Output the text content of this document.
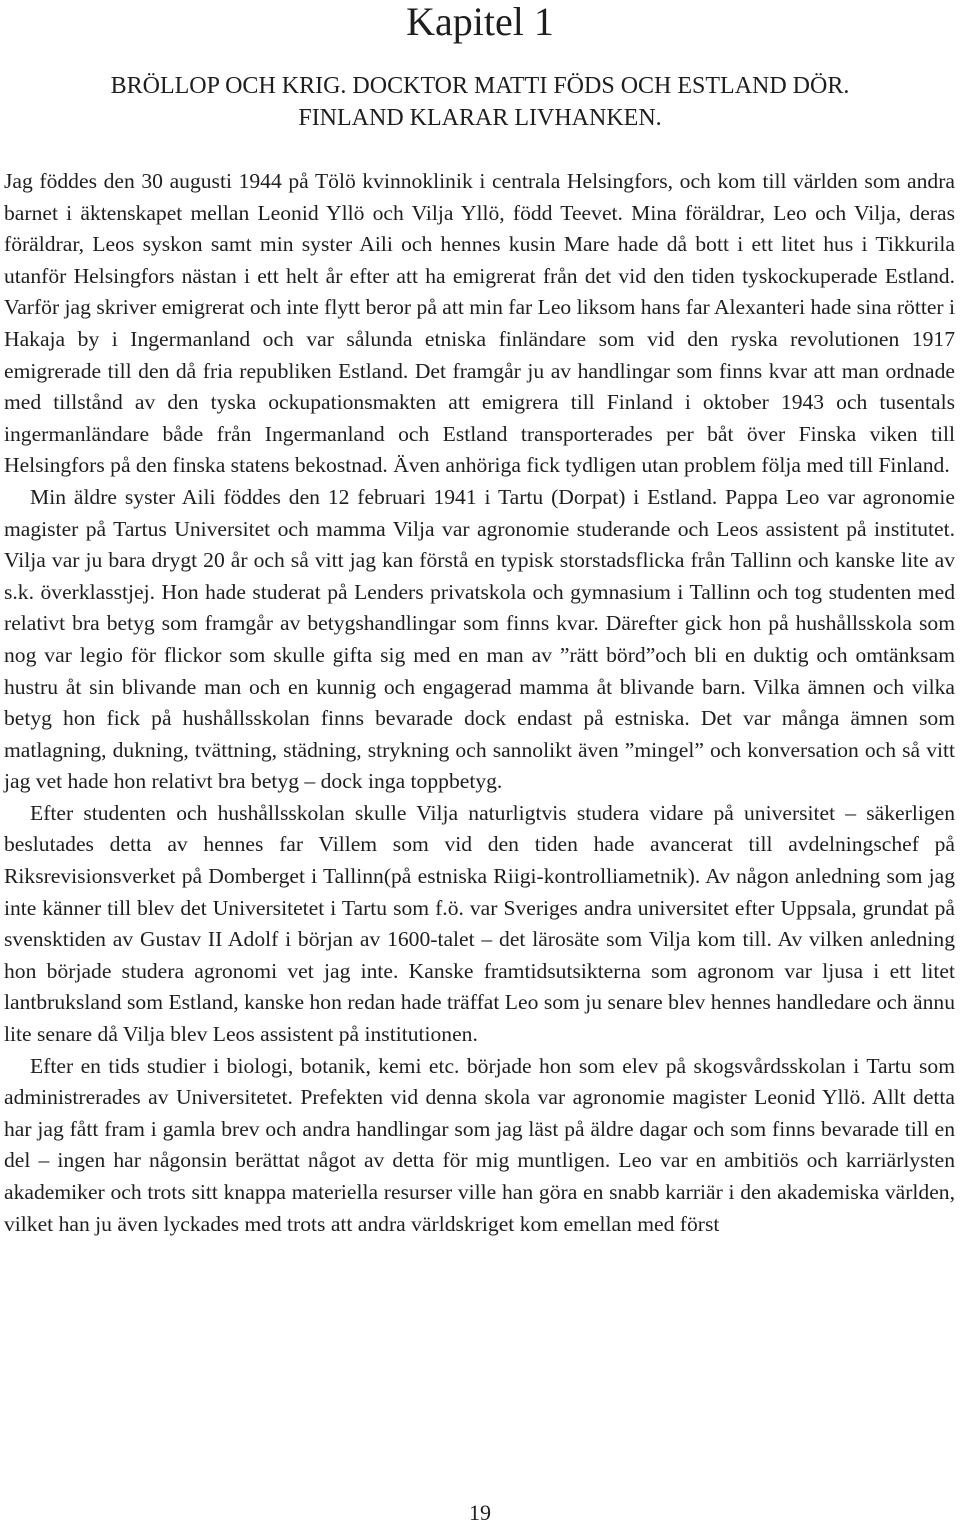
Kapitel 1
BRÖLLOP OCH KRIG. DOCKTOR MATTI FÖDS OCH ESTLAND DÖR.
FINLAND KLARAR LIVHANKEN.

Jag föddes den 30 augusti 1944 på Tölö kvinnoklinik i centrala Helsingfors, och kom till världen som andra barnet i äktenskapet mellan Leonid Yllö och Vilja Yllö, född Teevet. Mina föräldrar, Leo och Vilja, deras föräldrar, Leos syskon samt min syster Aili och hennes kusin Mare hade då bott i ett litet hus i Tikkurila utanför Helsingfors nästan i ett helt år efter att ha emigrerat från det vid den tiden tyskockuperade Estland. Varför jag skriver emigrerat och inte flytt beror på att min far Leo liksom hans far Alexanteri hade sina rötter i Hakaja by i Ingermanland och var sålunda etniska finländare som vid den ryska revolutionen 1917 emigrerade till den då fria republiken Estland. Det framgår ju av handlingar som finns kvar att man ordnade med tillstånd av den tyska ockupationsmakten att emigrera till Finland i oktober 1943 och tusentals ingermanländare både från Ingermanland och Estland transporterades per båt över Finska viken till Helsingfors på den finska statens bekostnad. Även anhöriga fick tydligen utan problem följa med till Finland.

Min äldre syster Aili föddes den 12 februari 1941 i Tartu (Dorpat) i Estland. Pappa Leo var agronomie magister på Tartus Universitet och mamma Vilja var agronomie studerande och Leos assistent på institutet. Vilja var ju bara drygt 20 år och så vitt jag kan förstå en typisk storstadsflicka från Tallinn och kanske lite av s.k. överklasstjej. Hon hade studerat på Lenders privatskola och gymnasium i Tallinn och tog studenten med relativt bra betyg som framgår av betygshandlingar som finns kvar. Därefter gick hon på hushållsskola som nog var legio för flickor som skulle gifta sig med en man av ”rätt börd”och bli en duktig och omtänksam hustru åt sin blivande man och en kunnig och engagerad mamma åt blivande barn. Vilka ämnen och vilka betyg hon fick på hushållsskolan finns bevarade dock endast på estniska. Det var många ämnen som matlagning, dukning, tvättning, städning, strykning och sannolikt även ”mingel” och konversation och så vitt jag vet hade hon relativt bra betyg – dock inga toppbetyg.

Efter studenten och hushållsskolan skulle Vilja naturligtvis studera vidare på universitet – säkerligen beslutades detta av hennes far Villem som vid den tiden hade avancerat till avdelningschef på Riksrevisionsverket på Domberget i Tallinn(på estniska Riigi-kontrolliametnik). Av någon anledning som jag inte känner till blev det Universitetet i Tartu som f.ö. var Sveriges andra universitet efter Uppsala, grundat på svensktiden av Gustav II Adolf i början av 1600-talet – det lärosäte som Vilja kom till. Av vilken anledning hon började studera agronomi vet jag inte. Kanske framtidsutsikterna som agronom var ljusa i ett litet lantbruksland som Estland, kanske hon redan hade träffat Leo som ju senare blev hennes handledare och ännu lite senare då Vilja blev Leos assistent på institutionen.

Efter en tids studier i biologi, botanik, kemi etc. började hon som elev på skogsvårdsskolan i Tartu som administrerades av Universitetet. Prefekten vid denna skola var agronomie magister Leonid Yllö. Allt detta har jag fått fram i gamla brev och andra handlingar som jag läst på äldre dagar och som finns bevarade till en del – ingen har någonsin berättat något av detta för mig muntligen. Leo var en ambitiös och karriärlysten akademiker och trots sitt knappa materiella resurser ville han göra en snabb karriär i den akademiska världen, vilket han ju även lyckades med trots att andra världskriget kom emellan med först

19
